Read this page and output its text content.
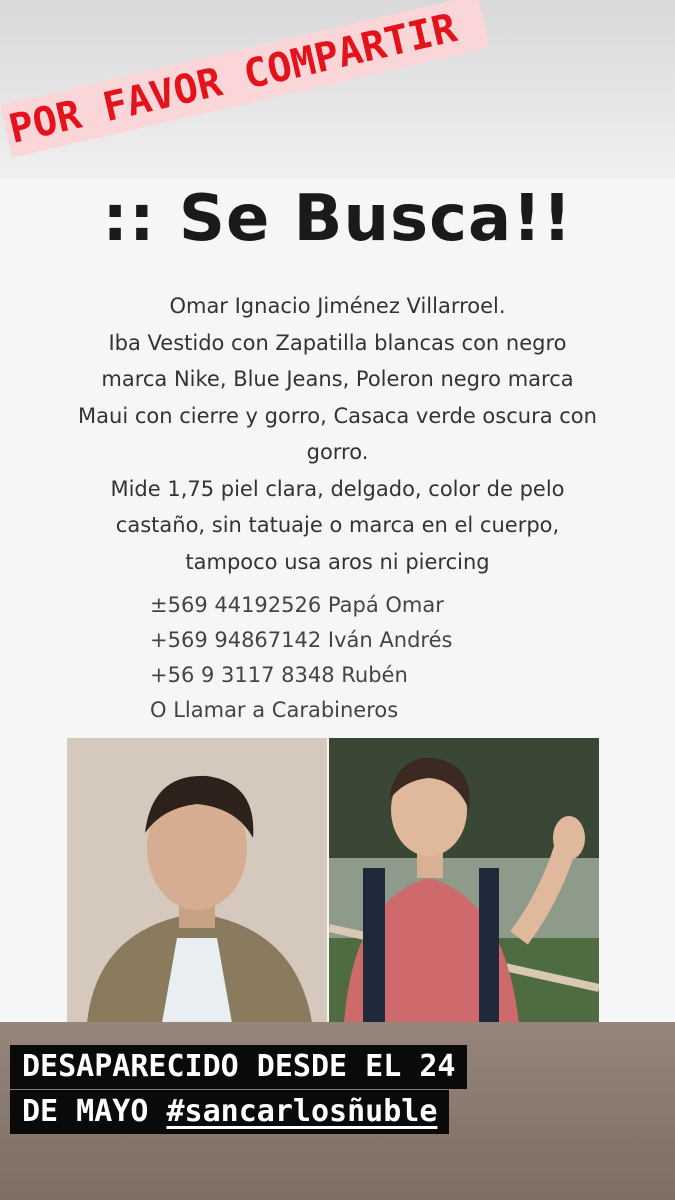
:: Se Busca!!

Omar Ignacio Jiménez Villarroel.

Iba Vestido con Zapatilla blancas con negro

marca Nike, Blue Jeans, Poleron negro marca

Maui con cierre y gorro, Casaca verde oscura con

gorro.

Mide 1,75 piel clara, delgado, color de pelo

castaño, sin tatuaje o marca en el cuerpo,

tampoco usa aros ni piercing

±569 44192526 Papá Omar
+569 94867142 Iván Andrés
+56 9 3117 8348 Rubén
O Llamar a Carabineros
POR FAVOR COMPARTIR
DESAPARECIDO DESDE EL 24
DE MAYO #sancarlosñuble
